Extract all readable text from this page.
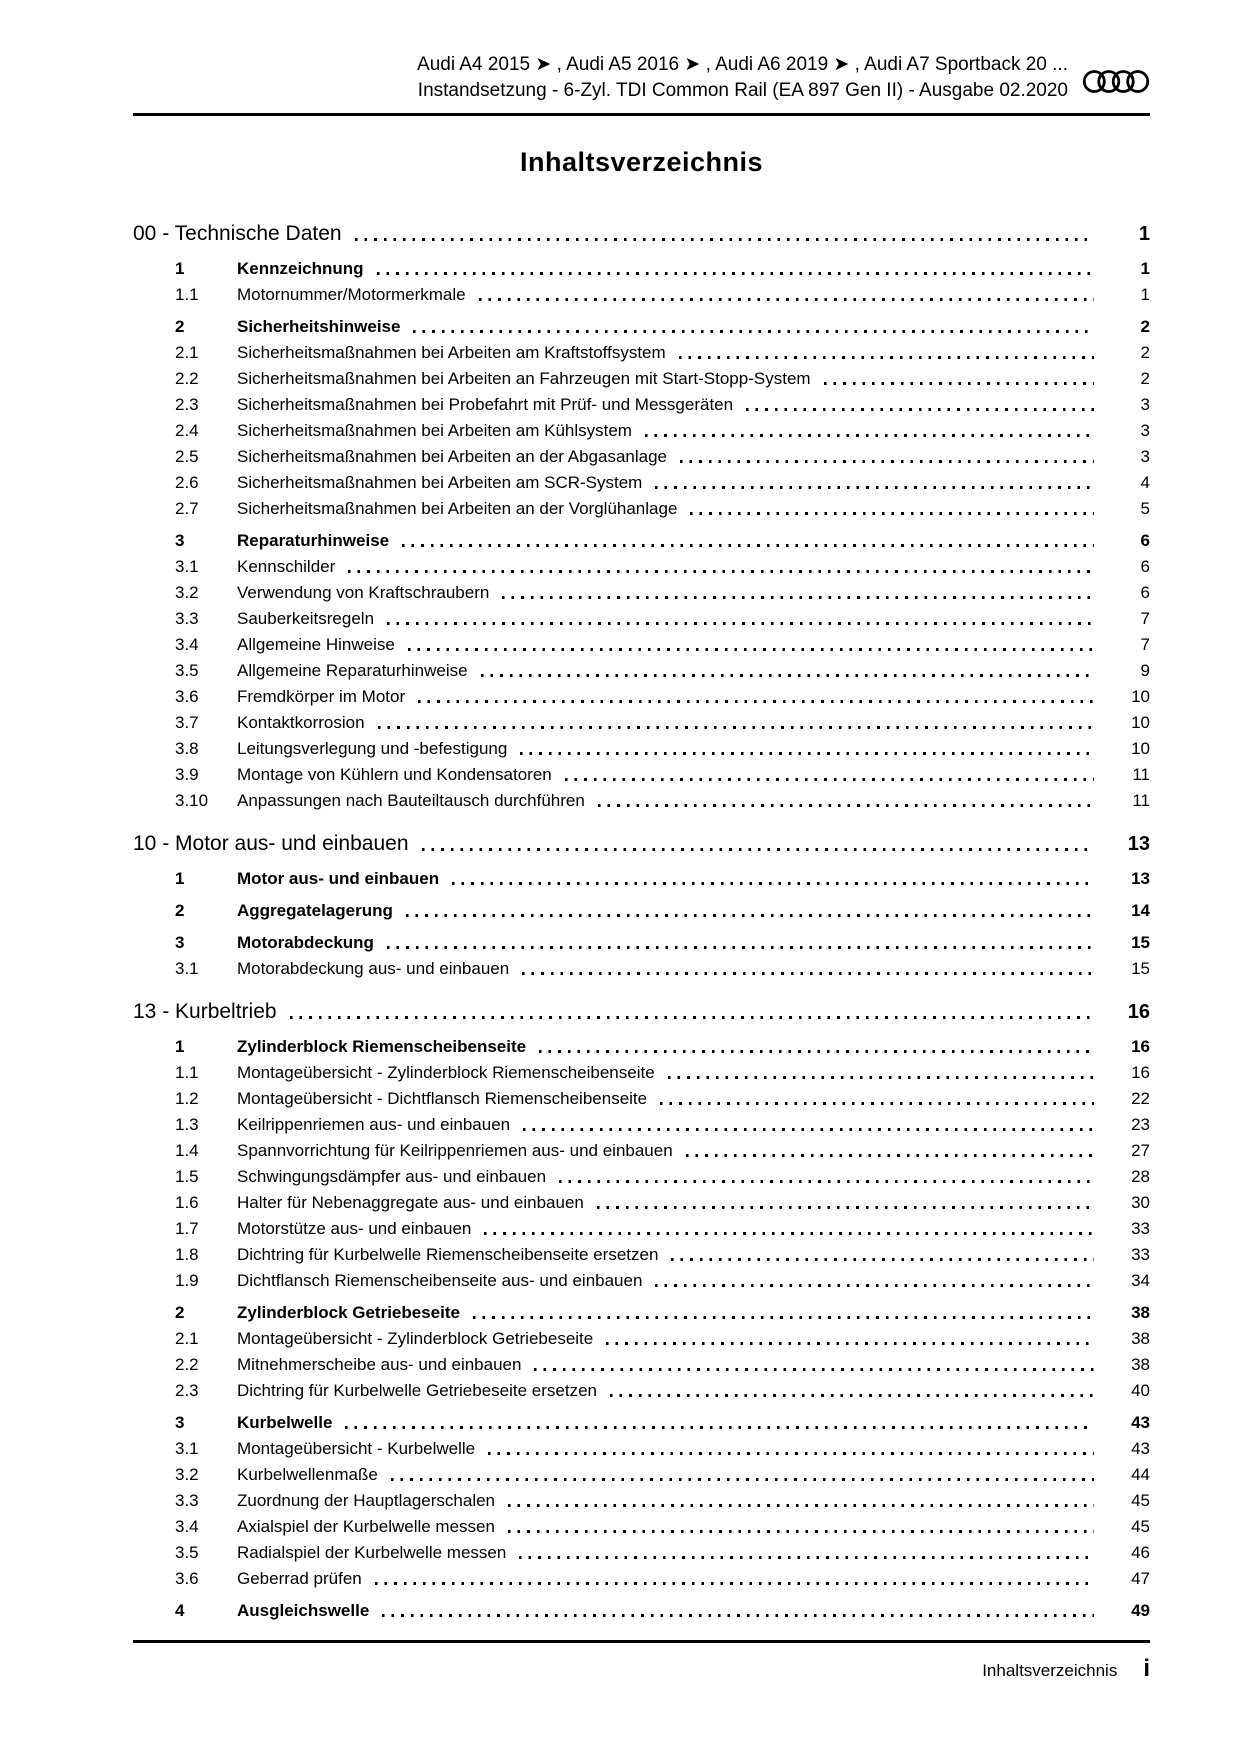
Audi A4 2015 ➤ , Audi A5 2016 ➤ , Audi A6 2019 ➤ , Audi A7 Sportback 20 ...
Instandsetzung - 6-Zyl. TDI Common Rail (EA 897 Gen II) - Ausgabe 02.2020
Inhaltsverzeichnis
00 - Technische Daten	1
1	Kennzeichnung	1
1.1	Motornummer/Motormerkmale	1
2	Sicherheitshinweise	2
2.1	Sicherheitsmaßnahmen bei Arbeiten am Kraftstoffsystem	2
2.2	Sicherheitsmaßnahmen bei Arbeiten an Fahrzeugen mit Start-Stopp-System	2
2.3	Sicherheitsmaßnahmen bei Probefahrt mit Prüf- und Messgeräten	3
2.4	Sicherheitsmaßnahmen bei Arbeiten am Kühlsystem	3
2.5	Sicherheitsmaßnahmen bei Arbeiten an der Abgasanlage	3
2.6	Sicherheitsmaßnahmen bei Arbeiten am SCR-System	4
2.7	Sicherheitsmaßnahmen bei Arbeiten an der Vorglühanlage	5
3	Reparaturhinweise	6
3.1	Kennschilder	6
3.2	Verwendung von Kraftschraubern	6
3.3	Sauberkeitsregeln	7
3.4	Allgemeine Hinweise	7
3.5	Allgemeine Reparaturhinweise	9
3.6	Fremdkörper im Motor	10
3.7	Kontaktkorrosion	10
3.8	Leitungsverlegung und -befestigung	10
3.9	Montage von Kühlern und Kondensatoren	11
3.10	Anpassungen nach Bauteiltausch durchführen	11
10 - Motor aus- und einbauen	13
1	Motor aus- und einbauen	13
2	Aggregatelagerung	14
3	Motorabdeckung	15
3.1	Motorabdeckung aus- und einbauen	15
13 - Kurbeltrieb	16
1	Zylinderblock Riemenscheibenseite	16
1.1	Montageübersicht - Zylinderblock Riemenscheibenseite	16
1.2	Montageübersicht - Dichtflansch Riemenscheibenseite	22
1.3	Keilrippenriemen aus- und einbauen	23
1.4	Spannvorrichtung für Keilrippenriemen aus- und einbauen	27
1.5	Schwingungsdämpfer aus- und einbauen	28
1.6	Halter für Nebenaggregate aus- und einbauen	30
1.7	Motorstütze aus- und einbauen	33
1.8	Dichtring für Kurbelwelle Riemenscheibenseite ersetzen	33
1.9	Dichtflansch Riemenscheibenseite aus- und einbauen	34
2	Zylinderblock Getriebeseite	38
2.1	Montageübersicht - Zylinderblock Getriebeseite	38
2.2	Mitnehmerscheibe aus- und einbauen	38
2.3	Dichtring für Kurbelwelle Getriebeseite ersetzen	40
3	Kurbelwelle	43
3.1	Montageübersicht - Kurbelwelle	43
3.2	Kurbelwellenmaße	44
3.3	Zuordnung der Hauptlagerschalen	45
3.4	Axialspiel der Kurbelwelle messen	45
3.5	Radialspiel der Kurbelwelle messen	46
3.6	Geberrad prüfen	47
4	Ausgleichswelle	49
Inhaltsverzeichnis i
